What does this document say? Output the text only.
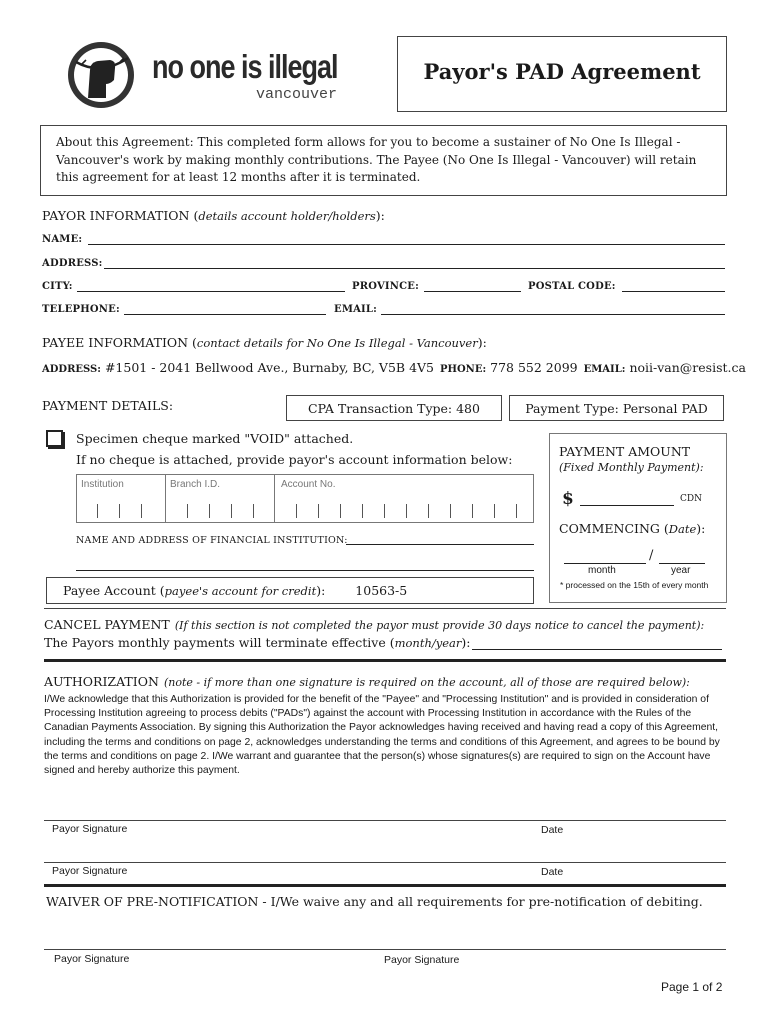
no one is illegal
vancouver
Payor's PAD Agreement
About this Agreement: This completed form allows for you to become a sustainer of No One Is Illegal - Vancouver's work by making monthly contributions. The Payee (No One Is Illegal - Vancouver) will retain this agreement for at least 12 months after it is terminated.
PAYOR INFORMATION (details account holder/holders):
NAME:
ADDRESS:
CITY:	PROVINCE:	POSTAL CODE:
TELEPHONE:	EMAIL:
PAYEE INFORMATION (contact details for No One Is Illegal - Vancouver):
ADDRESS: #1501 - 2041 Bellwood Ave., Burnaby, BC, V5B 4V5 PHONE: 778 552 2099 EMAIL: noii-van@resist.ca
PAYMENT DETAILS:	CPA Transaction Type: 480	Payment Type: Personal PAD
Specimen cheque marked "VOID" attached.
If no cheque is attached, provide payor's account information below:
Institution	Branch I.D.	Account No.
NAME AND ADDRESS OF FINANCIAL INSTITUTION:
Payee Account (payee's account for credit): 10563-5
PAYMENT AMOUNT
(Fixed Monthly Payment):
$	CDN
COMMENCING (Date):
/
month	year
* processed on the 15th of every month
CANCEL PAYMENT (If this section is not completed the payor must provide 30 days notice to cancel the payment):
The Payors monthly payments will terminate effective (month/year):
AUTHORIZATION (note - if more than one signature is required on the account, all of those are required below):
I/We acknowledge that this Authorization is provided for the benefit of the "Payee" and "Processing Institution" and is provided in consideration of Processing Institution agreeing to process debits ("PADs") against the account with Processing Institution in accordance with the Rules of the Canadian Payments Association. By signing this Authorization the Payor acknowledges having received and having read a copy of this Agreement, including the terms and conditions on page 2, acknowledges understanding the terms and conditions of this Agreement, and agrees to be bound by the terms and conditions on page 2. I/We warrant and guarantee that the person(s) whose signatures(s) are required to sign on the Account have signed and hereby authorize this payment.
Payor Signature	Date
Payor Signature	Date
WAIVER OF PRE-NOTIFICATION - I/We waive any and all requirements for pre-notification of debiting.
Payor Signature	Payor Signature
Page 1 of 2
